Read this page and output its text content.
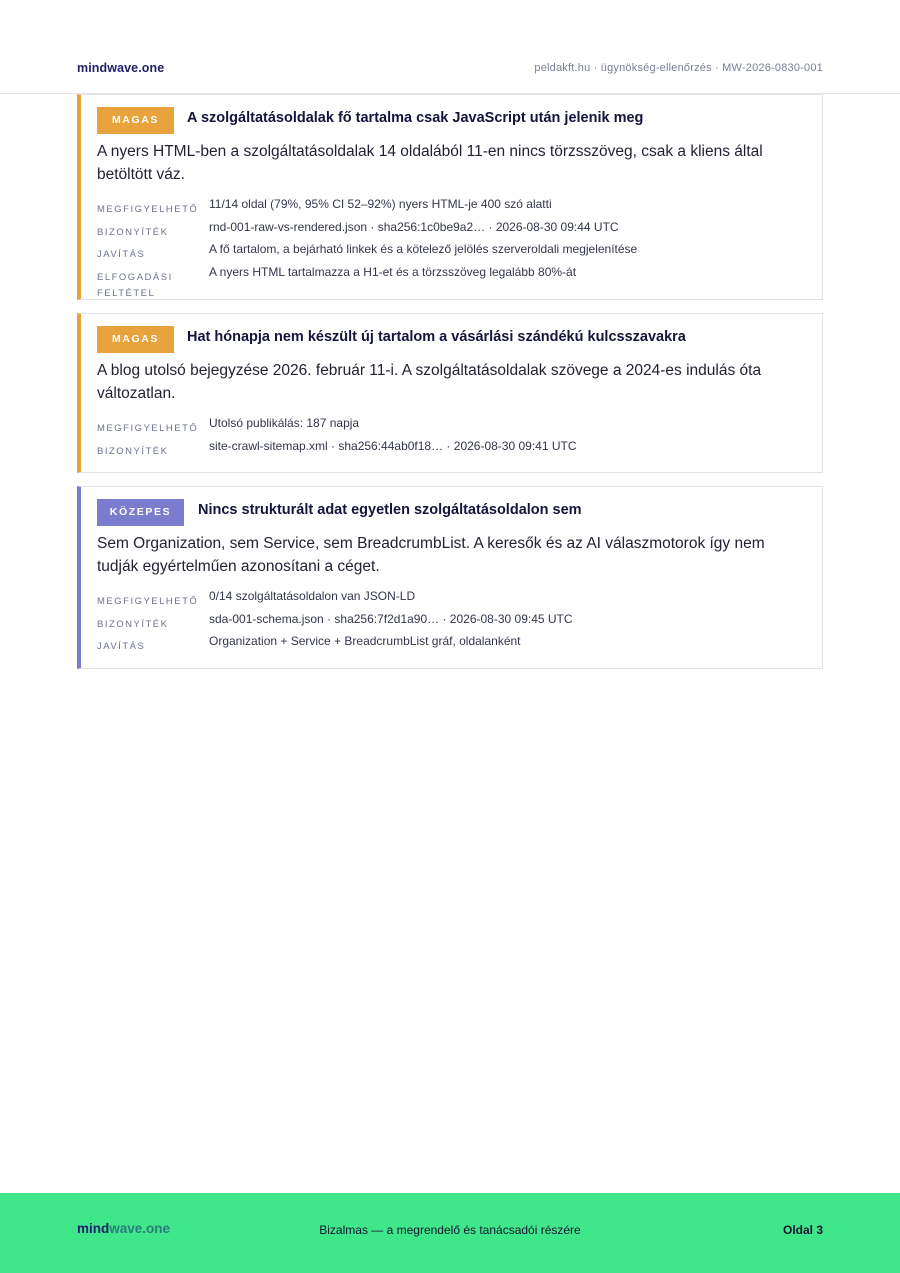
mindwave.one	peldakft.hu · ügynökség-ellenőrzés · MW-2026-0830-001
MAGAS	A szolgáltatásoldalak fő tartalma csak JavaScript után jelenik meg
A nyers HTML-ben a szolgáltatásoldalak 14 oldalából 11-en nincs törzsszöveg, csak a kliens által betöltött váz.
MEGFIGYELHETŐ 11/14 oldal (79%, 95% CI 52–92%) nyers HTML-je 400 szó alatti
BIZONYÍTÉK	rnd-001-raw-vs-rendered.json · sha256:1c0be9a2… · 2026-08-30 09:44 UTC
JAVÍTÁS	A fő tartalom, a bejárható linkek és a kötelező jelölés szerveroldali megjelenítése
ELFOGADÁSI FELTÉTEL
A nyers HTML tartalmazza a H1-et és a törzsszöveg legalább 80%-át
MAGAS	Hat hónapja nem készült új tartalom a vásárlási szándékú kulcsszavakra
A blog utolsó bejegyzése 2026. február 11-i. A szolgáltatásoldalak szövege a 2024-es indulás óta változatlan.
MEGFIGYELHETŐ Utolsó publikálás: 187 napja
BIZONYÍTÉK	site-crawl-sitemap.xml · sha256:44ab0f18… · 2026-08-30 09:41 UTC
KÖZEPES	Nincs strukturált adat egyetlen szolgáltatásoldalon sem
Sem Organization, sem Service, sem BreadcrumbList. A keresők és az AI válaszmotorok így nem tudják egyértelműen azonosítani a céget.
MEGFIGYELHETŐ 0/14 szolgáltatásoldalon van JSON-LD
BIZONYÍTÉK	sda-001-schema.json · sha256:7f2d1a90… · 2026-08-30 09:45 UTC
JAVÍTÁS	Organization + Service + BreadcrumbList gráf, oldalanként
mindwave.one	Bizalmas — a megrendelő és tanácsadói részére	Oldal 3
